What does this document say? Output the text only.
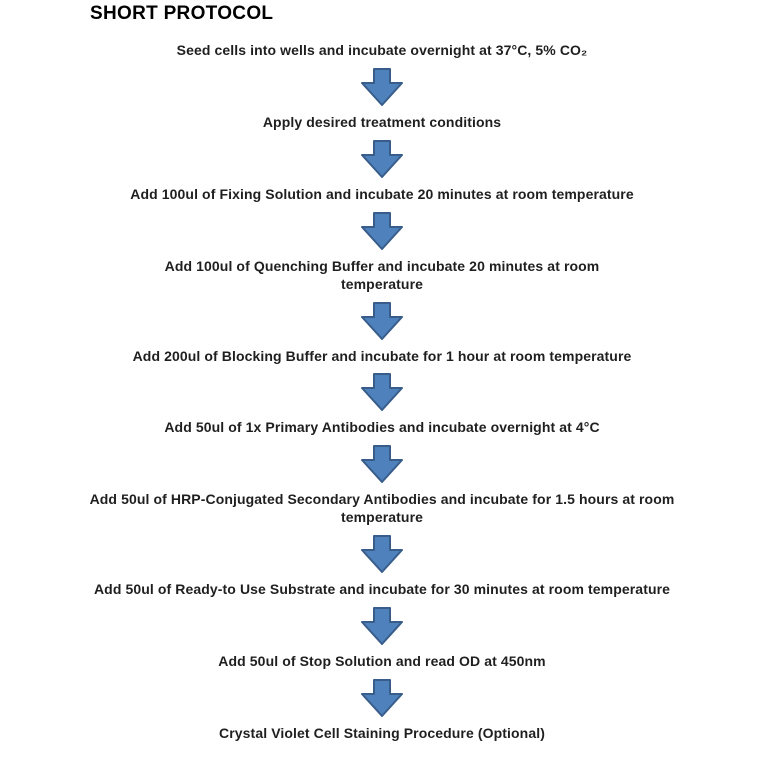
SHORT PROTOCOL
Seed cells into wells and incubate overnight at 37°C, 5% CO₂
Apply desired treatment conditions
Add 100ul of Fixing Solution and incubate 20 minutes at room temperature
Add 100ul of Quenching Buffer and incubate 20 minutes at room temperature
Add 200ul of Blocking Buffer and incubate for 1 hour at room temperature
Add 50ul of 1x Primary Antibodies and incubate overnight at 4°C
Add 50ul of HRP-Conjugated Secondary Antibodies and incubate for 1.5 hours at room temperature
Add 50ul of Ready-to Use Substrate and incubate for 30 minutes at room temperature
Add 50ul of Stop Solution and read OD at 450nm
Crystal Violet Cell Staining Procedure (Optional)
